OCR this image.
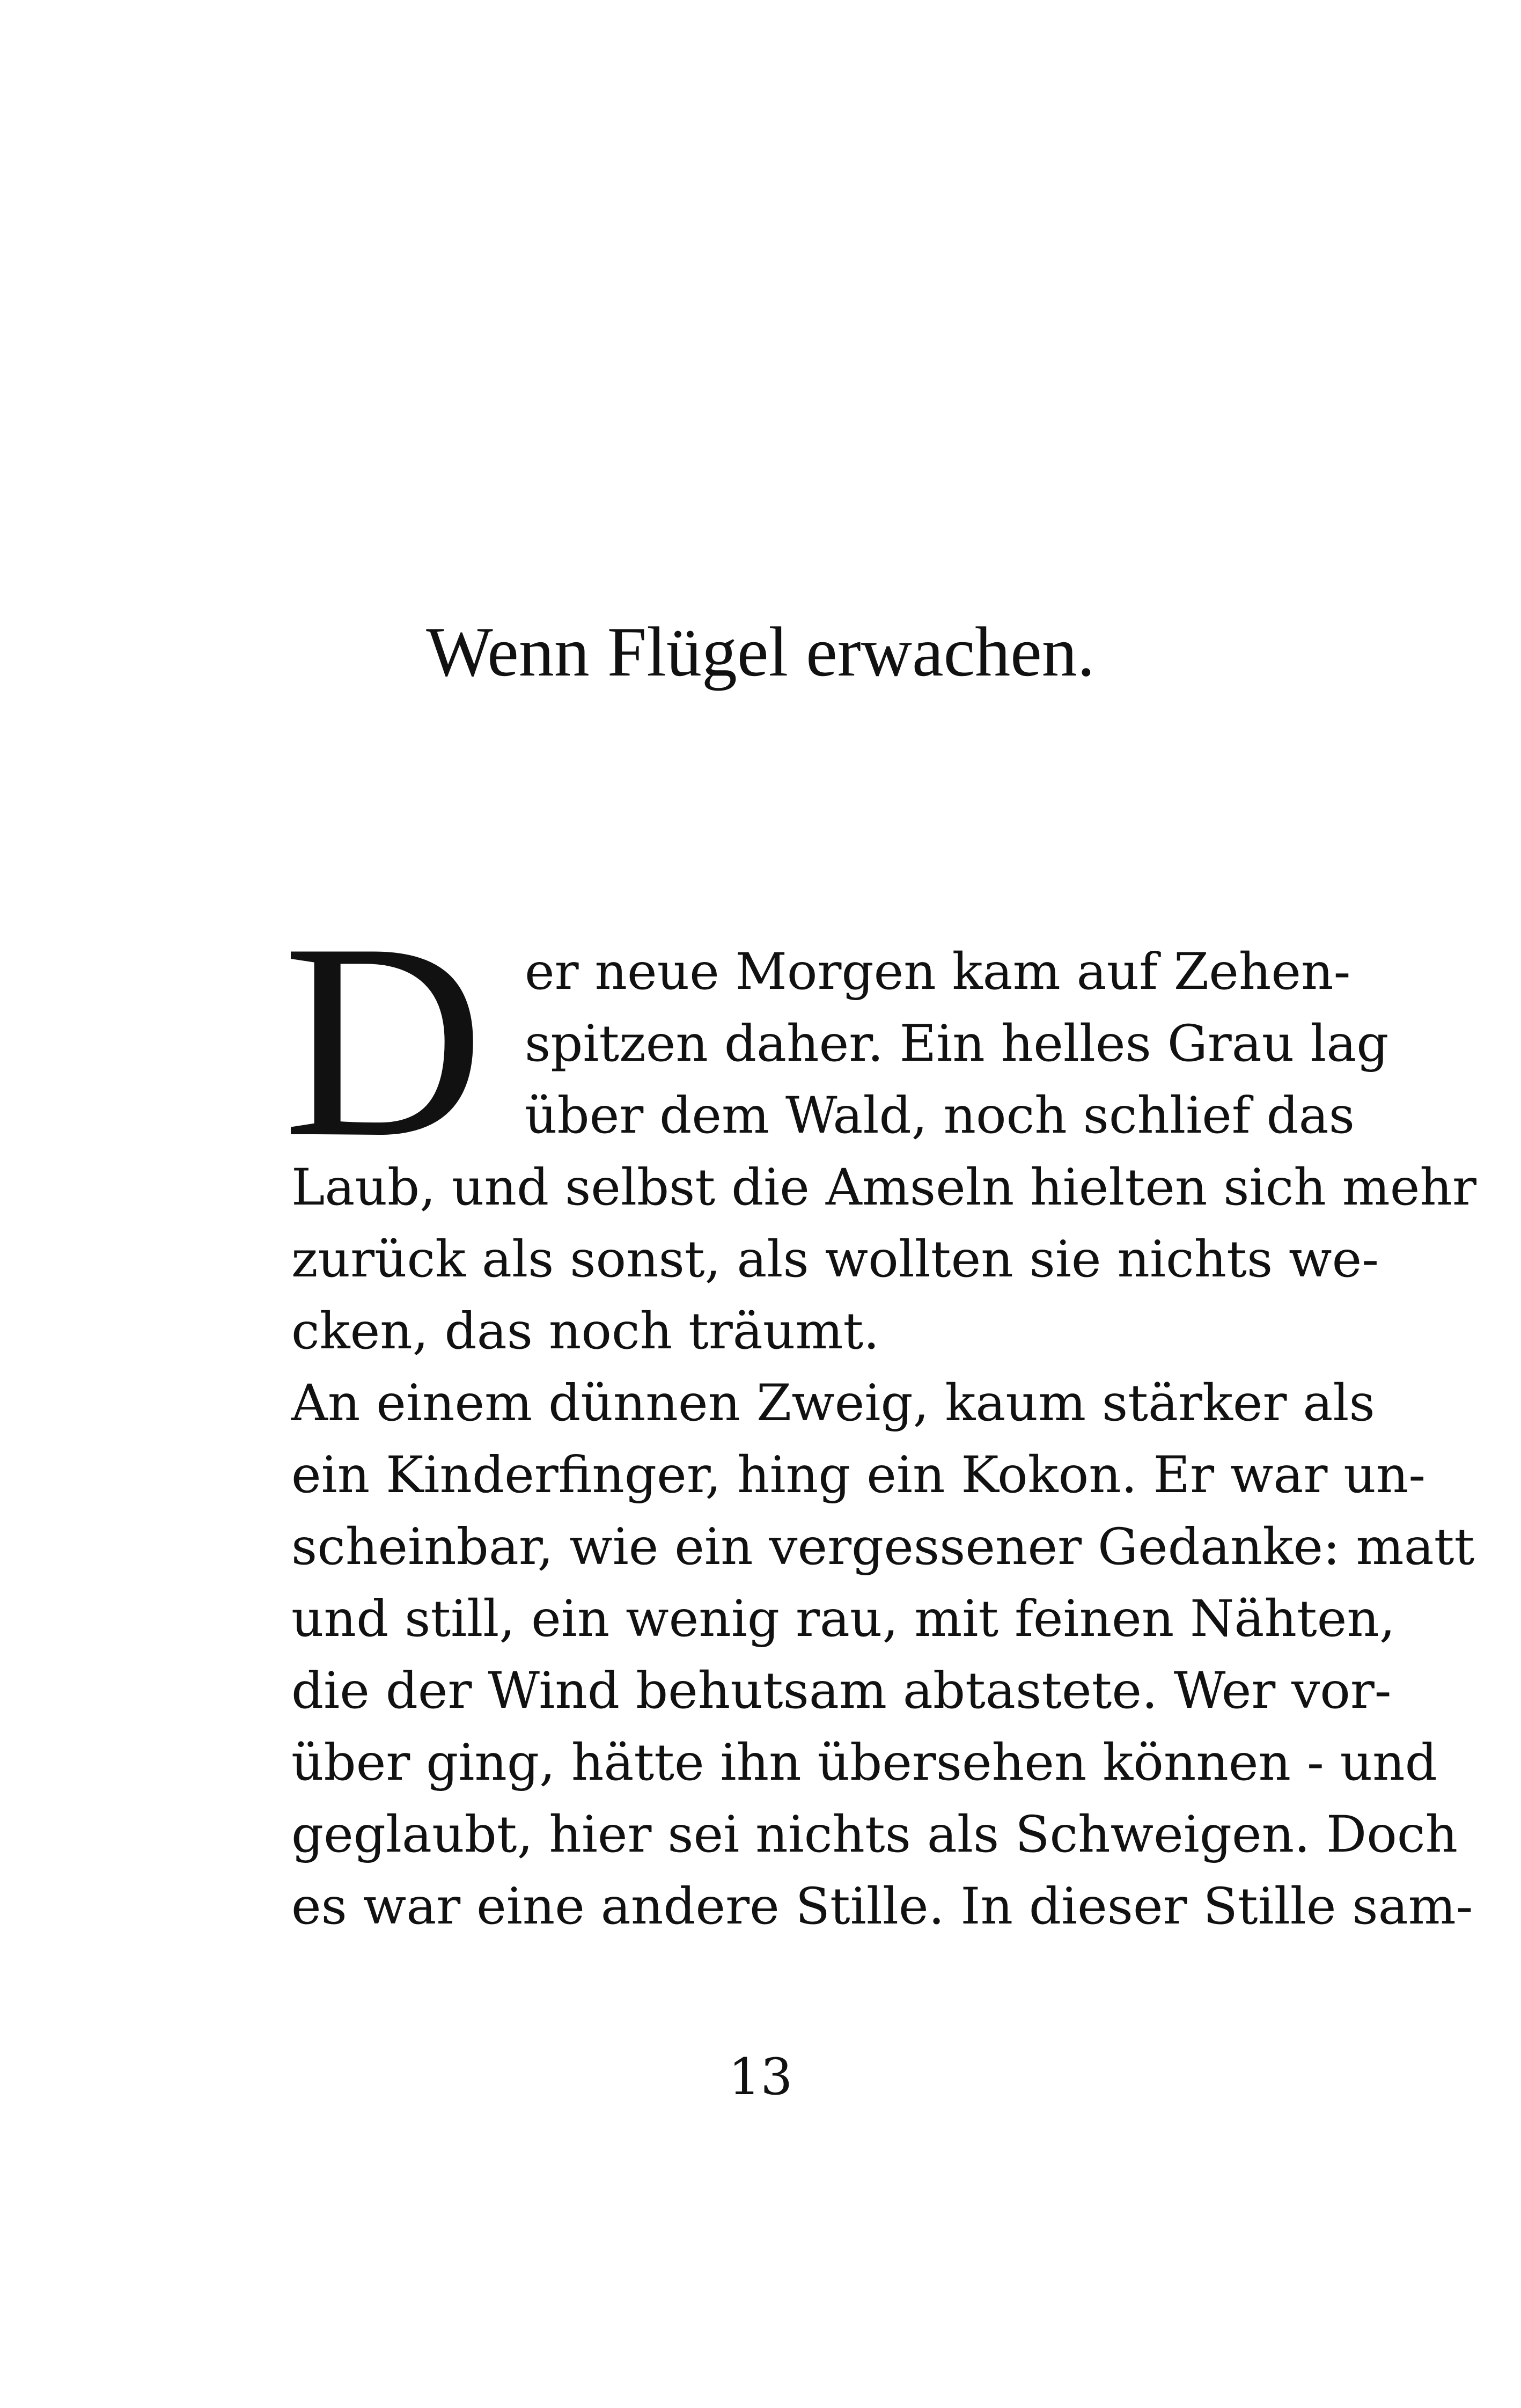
Wenn Flügel erwachen.
D er neue Morgen kam auf Zehen-
spitzen daher. Ein helles Grau lag
über dem Wald, noch schlief das
Laub, und selbst die Amseln hielten sich mehr
zurück als sonst, als wollten sie nichts we-
cken, das noch träumt.
An einem dünnen Zweig, kaum stärker als
ein Kinderfinger, hing ein Kokon. Er war un-
scheinbar, wie ein vergessener Gedanke: matt
und still, ein wenig rau, mit feinen Nähten,
die der Wind behutsam abtastete. Wer vor-
über ging, hätte ihn übersehen können - und
geglaubt, hier sei nichts als Schweigen. Doch
es war eine andere Stille. In dieser Stille sam-
13
